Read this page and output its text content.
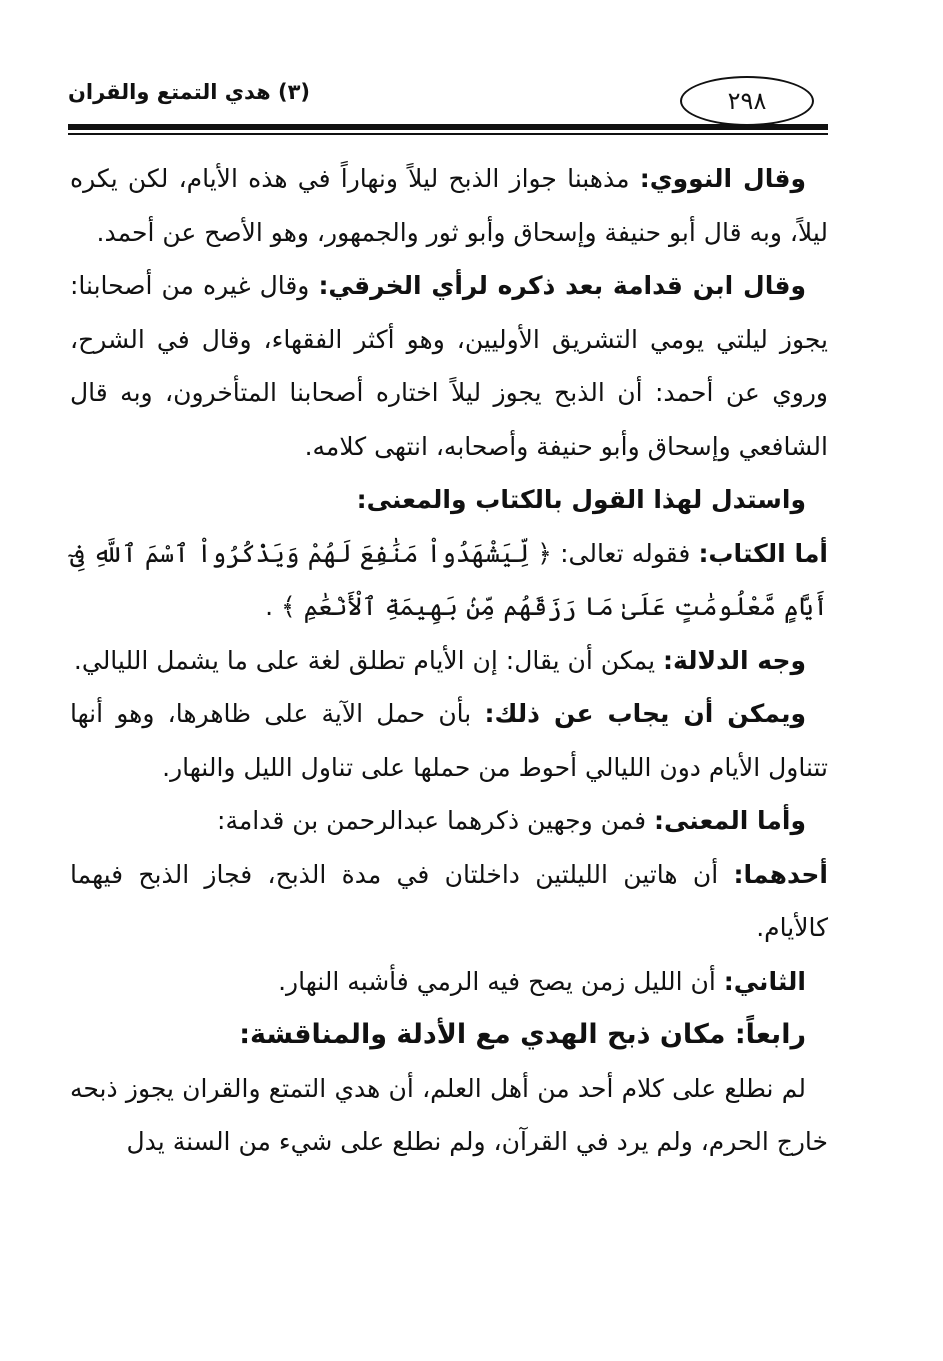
(٣) هدي التمتع والقران	٢٩٨

وقال النووي: مذهبنا جواز الذبح ليلاً ونهاراً في هذه الأيام، لكن يكره ليلاً، وبه قال أبو حنيفة وإسحاق وأبو ثور والجمهور، وهو الأصح عن أحمد.

وقال ابن قدامة بعد ذكره لرأي الخرقي: وقال غيره من أصحابنا: يجوز ليلتي يومي التشريق الأوليين، وهو أكثر الفقهاء، وقال في الشرح، وروي عن أحمد: أن الذبح يجوز ليلاً اختاره أصحابنا المتأخرون، وبه قال الشافعي وإسحاق وأبو حنيفة وأصحابه، انتهى كلامه.

واستدل لهذا القول بالكتاب والمعنى:

أما الكتاب: فقوله تعالى: ﴿ لِّيَشْهَدُواْ مَنَٰفِعَ لَهُمْ وَيَذْكُرُواْ ٱسْمَ ٱللَّهِ فِىٓ أَيَّامٍ مَّعْلُومَٰتٍ عَلَىٰ مَا رَزَقَهُم مِّنۢ بَهِيمَةِ ٱلْأَنْعَٰمِ ﴾ .

وجه الدلالة: يمكن أن يقال: إن الأيام تطلق لغة على ما يشمل الليالي.

ويمكن أن يجاب عن ذلك: بأن حمل الآية على ظاهرها، وهو أنها تتناول الأيام دون الليالي أحوط من حملها على تناول الليل والنهار.

وأما المعنى: فمن وجهين ذكرهما عبدالرحمن بن قدامة:

أحدهما: أن هاتين الليلتين داخلتان في مدة الذبح، فجاز الذبح فيهما كالأيام.

الثاني: أن الليل زمن يصح فيه الرمي فأشبه النهار.

رابعاً: مكان ذبح الهدي مع الأدلة والمناقشة:

لم نطلع على كلام أحد من أهل العلم، أن هدي التمتع والقران يجوز ذبحه خارج الحرم، ولم يرد في القرآن، ولم نطلع على شيء من السنة يدل
